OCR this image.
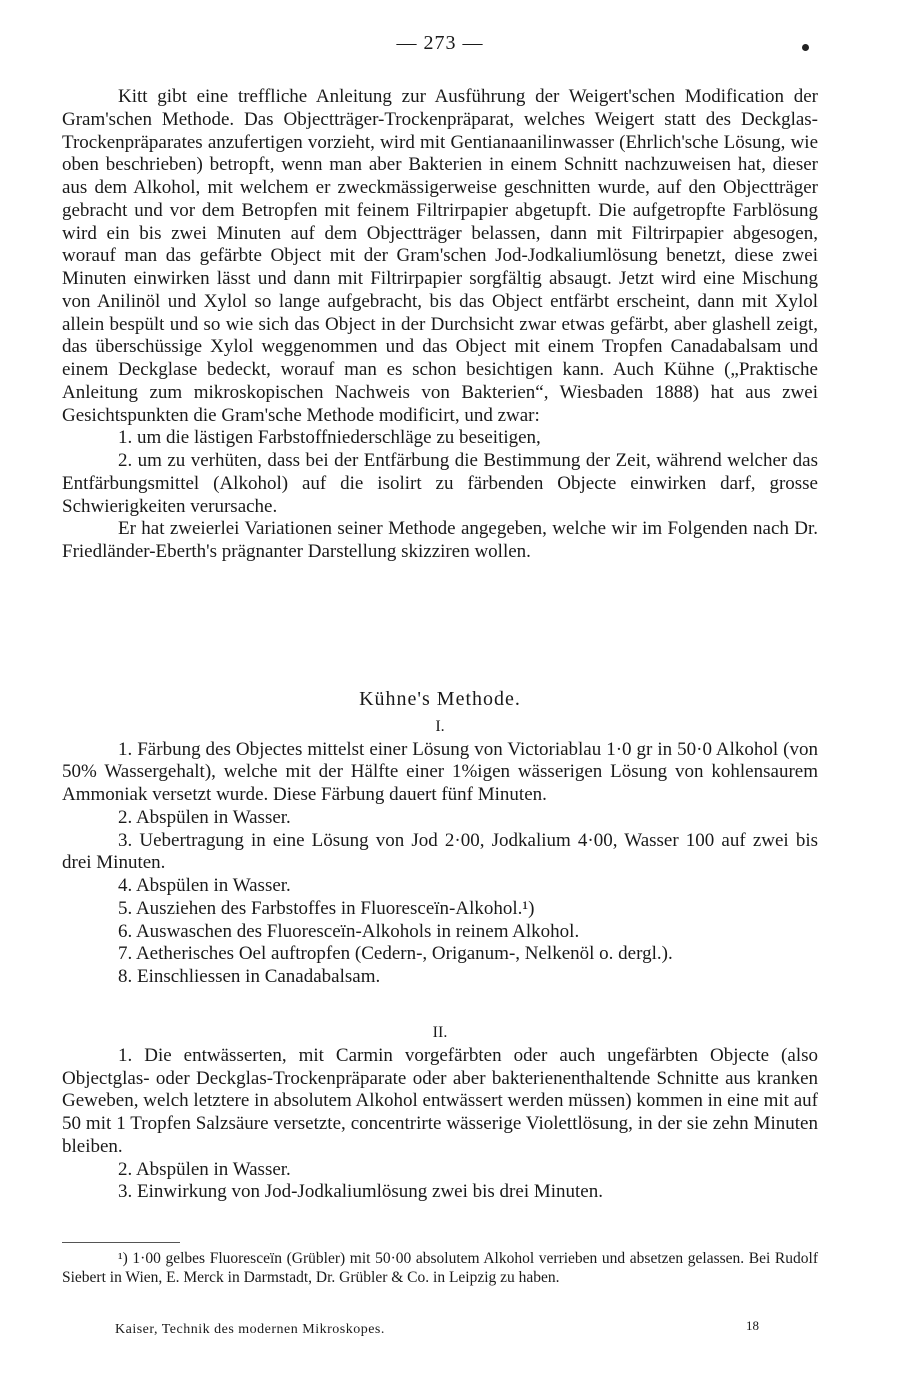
— 273 —

Kitt gibt eine treffliche Anleitung zur Ausführung der Weigert'schen Modification der Gram'schen Methode. Das Objectträger-Trockenpräparat, welches Weigert statt des Deckglas-Trockenpräparates anzufertigen vorzieht, wird mit Gentianaanilinwasser (Ehrlich'sche Lösung, wie oben beschrieben) betropft, wenn man aber Bakterien in einem Schnitt nachzuweisen hat, dieser aus dem Alkohol, mit welchem er zweckmässigerweise geschnitten wurde, auf den Objectträger gebracht und vor dem Betropfen mit feinem Filtrirpapier abgetupft. Die aufgetropfte Farblösung wird ein bis zwei Minuten auf dem Objectträger belassen, dann mit Filtrirpapier abgesogen, worauf man das gefärbte Object mit der Gram'schen Jod-Jodkaliumlösung benetzt, diese zwei Minuten einwirken lässt und dann mit Filtrirpapier sorgfältig absaugt. Jetzt wird eine Mischung von Anilinöl und Xylol so lange aufgebracht, bis das Object entfärbt erscheint, dann mit Xylol allein bespült und so wie sich das Object in der Durchsicht zwar etwas gefärbt, aber glashell zeigt, das überschüssige Xylol weggenommen und das Object mit einem Tropfen Canadabalsam und einem Deckglase bedeckt, worauf man es schon besichtigen kann. Auch Kühne („Praktische Anleitung zum mikroskopischen Nachweis von Bakterien“, Wiesbaden 1888) hat aus zwei Gesichtspunkten die Gram'sche Methode modificirt, und zwar:

1. um die lästigen Farbstoffniederschläge zu beseitigen,

2. um zu verhüten, dass bei der Entfärbung die Bestimmung der Zeit, während welcher das Entfärbungsmittel (Alkohol) auf die isolirt zu färbenden Objecte einwirken darf, grosse Schwierigkeiten verursache.

Er hat zweierlei Variationen seiner Methode angegeben, welche wir im Folgenden nach Dr. Friedländer-Eberth's prägnanter Darstellung skizziren wollen.

Kühne's Methode.

I.

1. Färbung des Objectes mittelst einer Lösung von Victoriablau 1·0 gr in 50·0 Alkohol (von 50% Wassergehalt), welche mit der Hälfte einer 1%igen wässerigen Lösung von kohlensaurem Ammoniak versetzt wurde. Diese Färbung dauert fünf Minuten.

2. Abspülen in Wasser.

3. Uebertragung in eine Lösung von Jod 2·00, Jodkalium 4·00, Wasser 100 auf zwei bis drei Minuten.

4. Abspülen in Wasser.

5. Ausziehen des Farbstoffes in Fluoresceïn-Alkohol.¹)

6. Auswaschen des Fluoresceïn-Alkohols in reinem Alkohol.

7. Aetherisches Oel auftropfen (Cedern-, Origanum-, Nelkenöl o. dergl.).

8. Einschliessen in Canadabalsam.

II.

1. Die entwässerten, mit Carmin vorgefärbten oder auch ungefärbten Objecte (also Objectglas- oder Deckglas-Trockenpräparate oder aber bakterienenthaltende Schnitte aus kranken Geweben, welch letztere in absolutem Alkohol entwässert werden müssen) kommen in eine mit auf 50 mit 1 Tropfen Salzsäure versetzte, concentrirte wässerige Violettlösung, in der sie zehn Minuten bleiben.

2. Abspülen in Wasser.

3. Einwirkung von Jod-Jodkaliumlösung zwei bis drei Minuten.

¹) 1·00 gelbes Fluoresceïn (Grübler) mit 50·00 absolutem Alkohol verrieben und absetzen gelassen. Bei Rudolf Siebert in Wien, E. Merck in Darmstadt, Dr. Grübler & Co. in Leipzig zu haben.

Kaiser, Technik des modernen Mikroskopes.	18
